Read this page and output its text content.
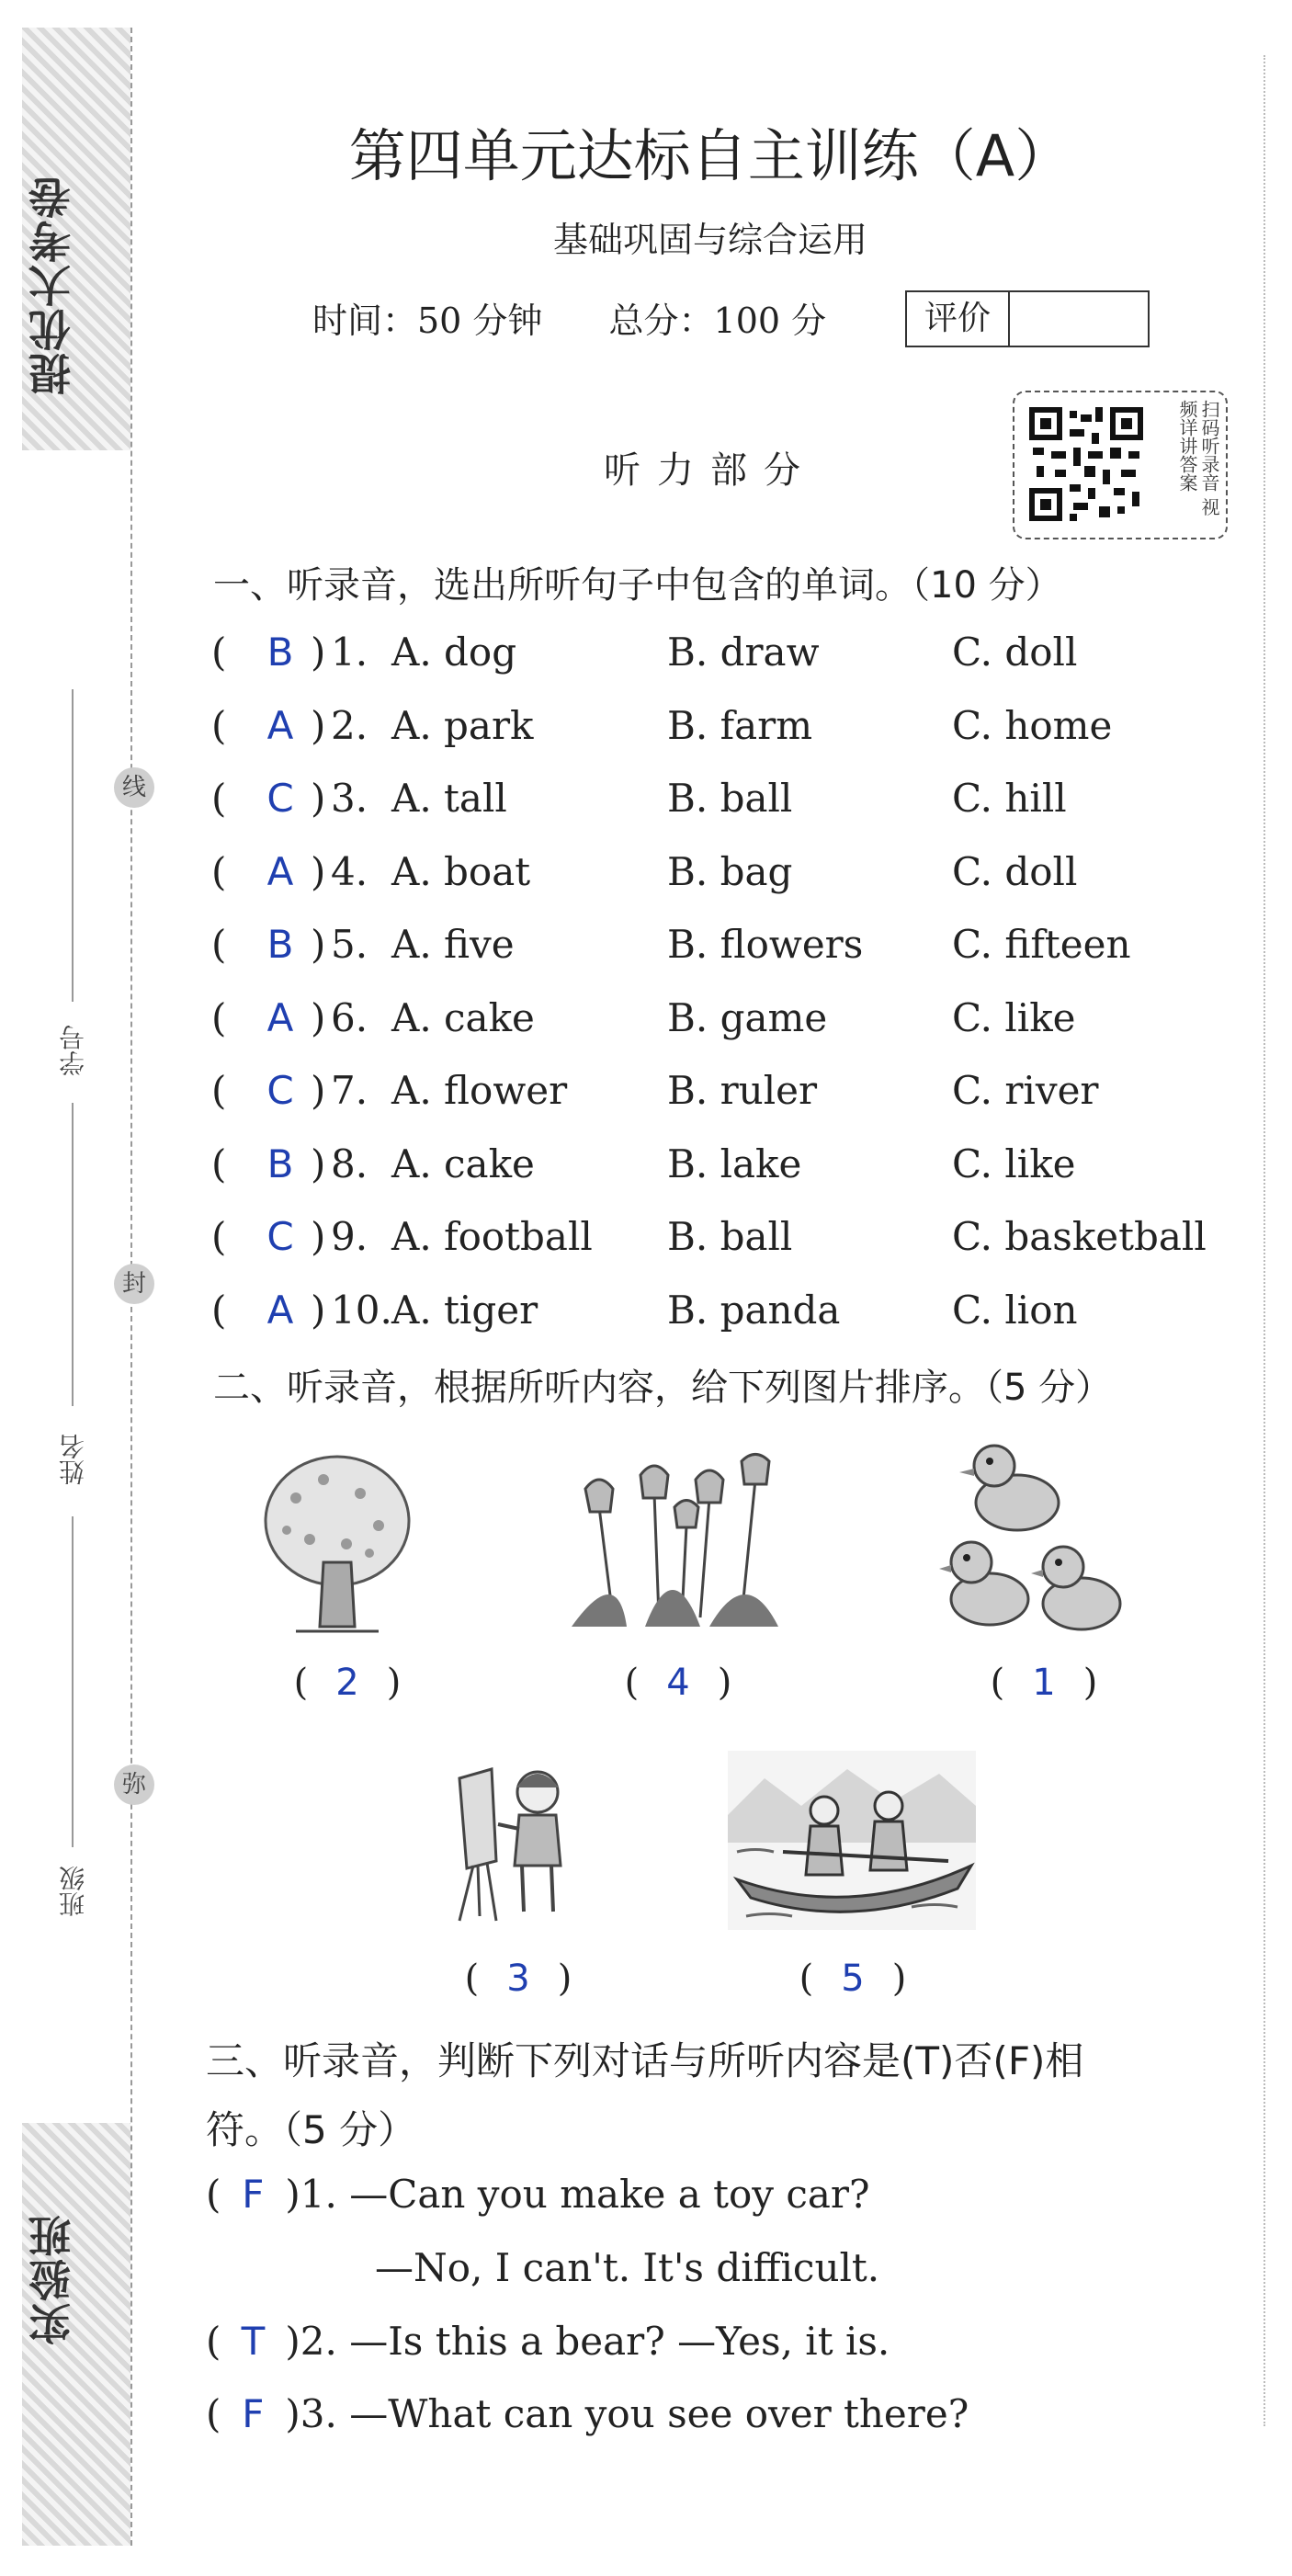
提优大考卷
实验班
线
封
弥
学号
姓名
班级
第四单元达标自主训练（A）
基础巩固与综合运用
时间：50 分钟 总分：100 分	评价
扫码听录音 视频详讲答案
听力部分
一、听录音，选出所听句子中包含的单词。（10 分）
( B 1. A. dog	B. draw	C. doll
)
( A 2. A. park	B. farm	C. home
)
( C 3. A. tall	B. ball	C. hill
)
( A 4. A. boat	B. bag	C. doll
)
( B 5. A. five	B. flowers C. fifteen
)
( A 6. A. cake	B. game	C. like
)
( C 7. A. flower	B. ruler	C. river
)
( B 8. A. cake	B. lake	C. like
)
( C 9. A. football B. ball	C. basketball
)
( A 10. A. tiger	B. panda	C. lion
)
二、听录音，根据所听内容，给下列图片排序。（5 分）
( 2 )	( 4 )	( 1 )
( 3 )	( 5 )
三、听录音，判断下列对话与所听内容是(T)否(F)相
符。（5 分）
( F )1. —Can you make a toy car?
—No, I can't. It's difficult.
( T )2. —Is this a bear? —Yes, it is.
( F )3. —What can you see over there?
